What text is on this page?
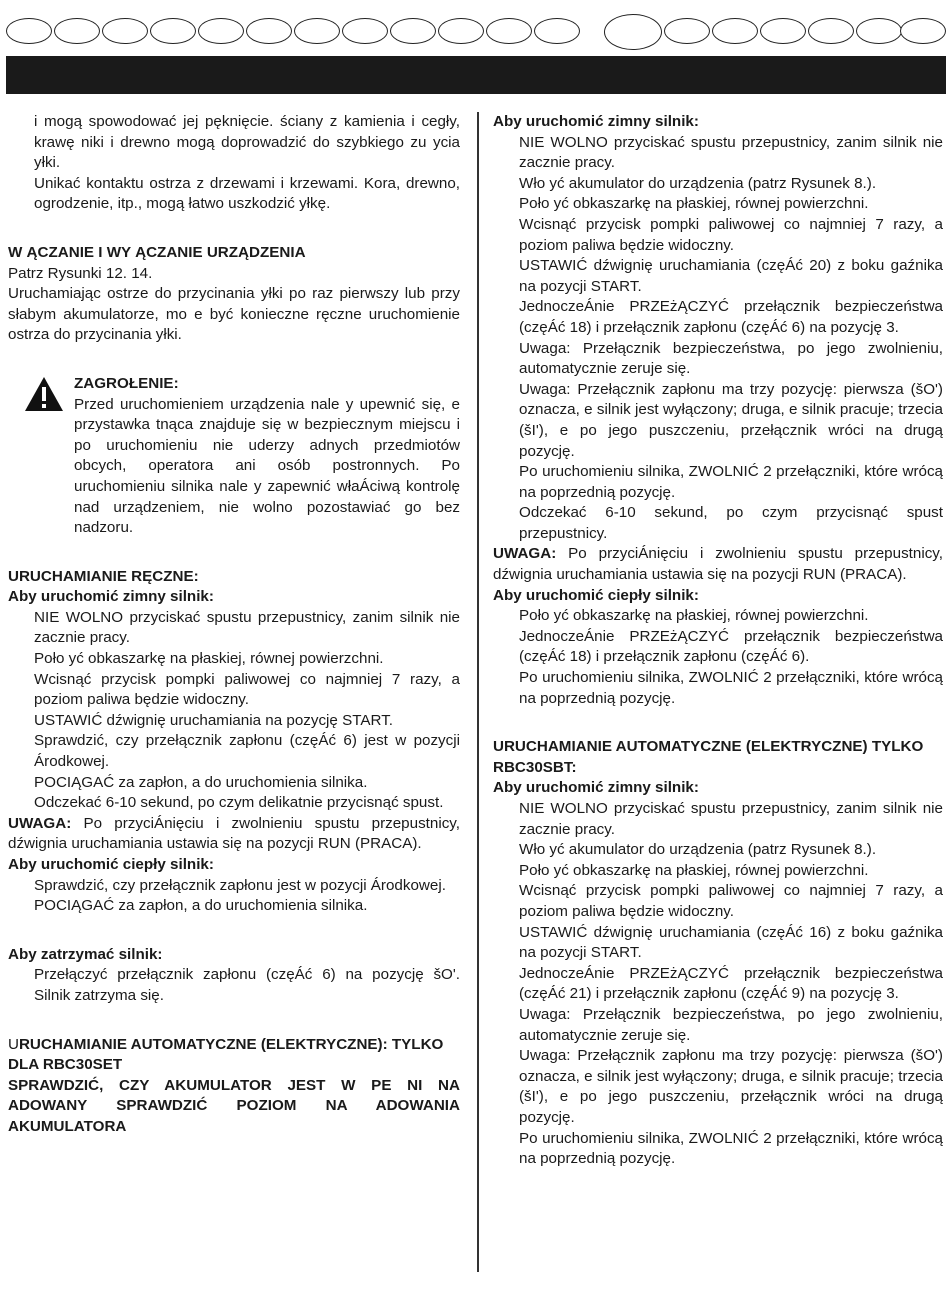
i mogą spowodować jej pęknięcie. ściany z kamienia i cegły, krawę niki i drewno mogą doprowadzić do szybkiego zu ycia yłki.

Unikać kontaktu ostrza z drzewami i krzewami. Kora, drewno, ogrodzenie, itp., mogą łatwo uszkodzić yłkę.

W ĄCZANIE I WY ĄCZANIE URZĄDZENIA

Patrz Rysunki 12. 14.

Uruchamiając ostrze do przycinania yłki po raz pierwszy lub przy słabym akumulatorze, mo e być konieczne ręczne uruchomienie ostrza do przycinania yłki.

ZAGROŁENIE:

Przed uruchomieniem urządzenia nale y upewnić się, e przystawka tnąca znajduje się w bezpiecznym miejscu i po uruchomieniu nie uderzy adnych przedmiotów obcych, operatora ani osób postronnych. Po uruchomieniu silnika nale y zapewnić właÁciwą kontrolę nad urządzeniem, nie wolno pozostawiać go bez nadzoru.

URUCHAMIANIE RĘCZNE:

Aby uruchomić zimny silnik:

NIE WOLNO przyciskać spustu przepustnicy, zanim silnik nie zacznie pracy.

Poło yć obkaszarkę na płaskiej, równej powierzchni.

Wcisnąć przycisk pompki paliwowej co najmniej 7 razy, a poziom paliwa będzie widoczny.

USTAWIĆ dźwignię uruchamiania na pozycję START.

Sprawdzić, czy przełącznik zapłonu (częÁć 6) jest w pozycji Árodkowej.

POCIĄGAĆ za zapłon, a do uruchomienia silnika.

Odczekać 6-10 sekund, po czym delikatnie przycisnąć spust.

UWAGA: Po przyciÁnięciu i zwolnieniu spustu przepustnicy, dźwignia uruchamiania ustawia się na pozycji RUN (PRACA).

Aby uruchomić ciepły silnik:

Sprawdzić, czy przełącznik zapłonu jest w pozycji Árodkowej.

POCIĄGAĆ za zapłon, a do uruchomienia silnika.

Aby zatrzymać silnik:

Przełączyć przełącznik zapłonu (częÁć 6) na pozycję šO'. Silnik zatrzyma się.

URUCHAMIANIE AUTOMATYCZNE (ELEKTRYCZNE): TYLKO DLA RBC30SET

SPRAWDZIĆ, CZY AKUMULATOR JEST W PE NI NA ADOWANY SPRAWDZIĆ POZIOM NA ADOWANIA AKUMULATORA

Aby uruchomić zimny silnik:

NIE WOLNO przyciskać spustu przepustnicy, zanim silnik nie zacznie pracy.

Wło yć akumulator do urządzenia (patrz Rysunek 8.).

Poło yć obkaszarkę na płaskiej, równej powierzchni.

Wcisnąć przycisk pompki paliwowej co najmniej 7 razy, a poziom paliwa będzie widoczny.

USTAWIĆ dźwignię uruchamiania (częÁć 20) z boku gaźnika na pozycji START.

JednoczeÁnie PRZEżĄCZYĆ przełącznik bezpieczeństwa (częÁć 18) i przełącznik zapłonu (częÁć 6) na pozycję 3.

Uwaga: Przełącznik bezpieczeństwa, po jego zwolnieniu, automatycznie zeruje się.

Uwaga: Przełącznik zapłonu ma trzy pozycję: pierwsza (šO') oznacza, e silnik jest wyłączony; druga, e silnik pracuje; trzecia (šI'), e po jego puszczeniu, przełącznik wróci na drugą pozycję.

Po uruchomieniu silnika, ZWOLNIĆ 2 przełączniki, które wrócą na poprzednią pozycję.

Odczekać 6-10 sekund, po czym przycisnąć spust przepustnicy.

UWAGA: Po przyciÁnięciu i zwolnieniu spustu przepustnicy, dźwignia uruchamiania ustawia się na pozycji RUN (PRACA).

Aby uruchomić ciepły silnik:

Poło yć obkaszarkę na płaskiej, równej powierzchni.

JednoczeÁnie PRZEżĄCZYĆ przełącznik bezpieczeństwa (częÁć 18) i przełącznik zapłonu (częÁć 6).

Po uruchomieniu silnika, ZWOLNIĆ 2 przełączniki, które wrócą na poprzednią pozycję.

URUCHAMIANIE AUTOMATYCZNE (ELEKTRYCZNE) TYLKO RBC30SBT:

Aby uruchomić zimny silnik:

NIE WOLNO przyciskać spustu przepustnicy, zanim silnik nie zacznie pracy.

Wło yć akumulator do urządzenia (patrz Rysunek 8.).

Poło yć obkaszarkę na płaskiej, równej powierzchni.

Wcisnąć przycisk pompki paliwowej co najmniej 7 razy, a poziom paliwa będzie widoczny.

USTAWIĆ dźwignię uruchamiania (częÁć 16) z boku gaźnika na pozycji START.

JednoczeÁnie PRZEżĄCZYĆ przełącznik bezpieczeństwa (częÁć 21) i przełącznik zapłonu (częÁć 9) na pozycję 3.

Uwaga: Przełącznik bezpieczeństwa, po jego zwolnieniu, automatycznie zeruje się.

Uwaga: Przełącznik zapłonu ma trzy pozycję: pierwsza (šO') oznacza, e silnik jest wyłączony; druga, e silnik pracuje; trzecia (šI'), e po jego puszczeniu, przełącznik wróci na drugą pozycję.

Po uruchomieniu silnika, ZWOLNIĆ 2 przełączniki, które wrócą na poprzednią pozycję.
